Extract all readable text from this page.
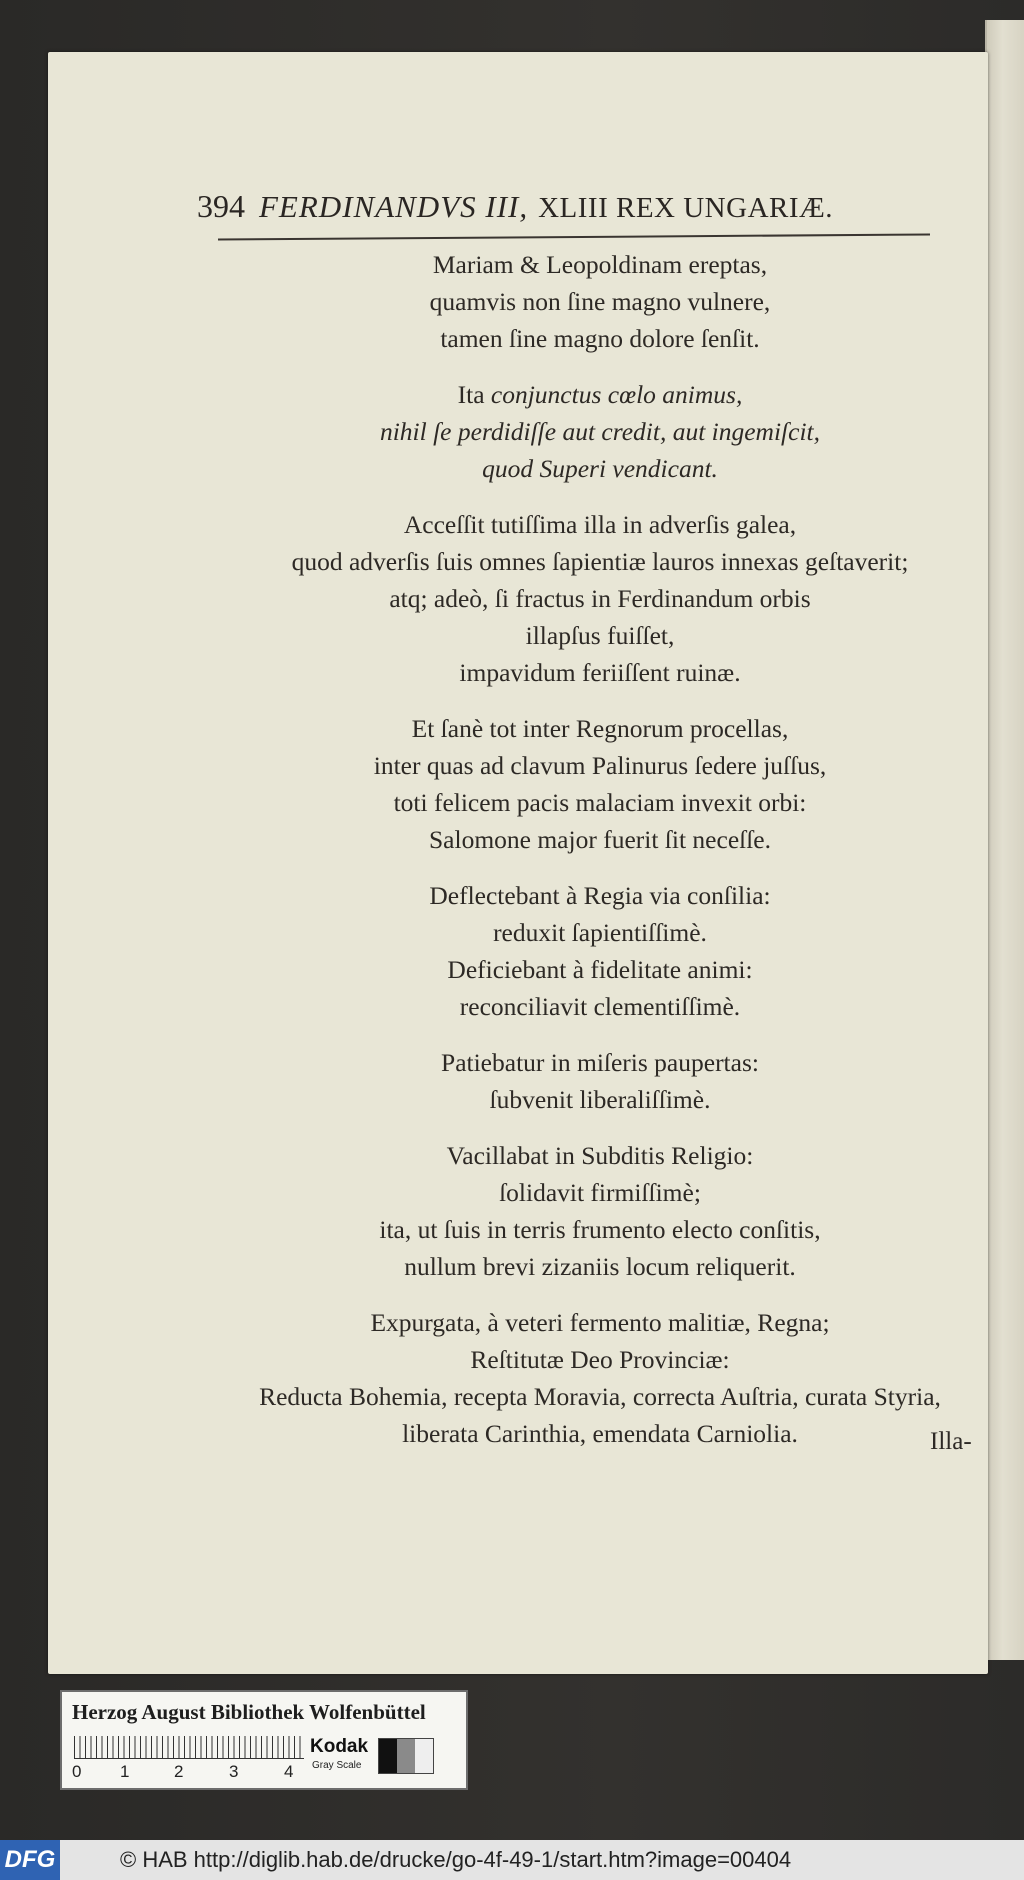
394 FERDINANDVS III, XLIII REX UNGARIÆ.
Mariam & Leopoldinam ereptas,
quamvis non ſine magno vulnere,
tamen ſine magno dolore ſenſit.
Ita conjunctus cœlo animus,
nihil ſe perdidiſſe aut credit, aut ingemiſcit,
quod Superi vendicant.
Acceſſit tutiſſima illa in adverſis galea,
quod adverſis ſuis omnes ſapientiæ lauros innexas geſtaverit;
atq; adeò, ſi fractus in Ferdinandum orbis
illapſus fuiſſet,
impavidum feriiſſent ruinæ.
Et ſanè tot inter Regnorum procellas,
inter quas ad clavum Palinurus ſedere juſſus,
toti felicem pacis malaciam invexit orbi:
Salomone major fuerit ſit neceſſe.
Deflectebant à Regia via conſilia:
reduxit ſapientiſſimè.
Deficiebant à fidelitate animi:
reconciliavit clementiſſimè.
Patiebatur in miſeris paupertas:
ſubvenit liberaliſſimè.
Vacillabat in Subditis Religio:
ſolidavit firmiſſimè;
ita, ut ſuis in terris frumento electo conſitis,
nullum brevi zizaniis locum reliquerit.
Expurgata, à veteri fermento malitiæ, Regna;
Reſtitutæ Deo Provinciæ:
Reducta Bohemia, recepta Moravia, correcta Auſtria, curata Styria,
liberata Carinthia, emendata Carniolia.	Illa-
Herzog August Bibliothek Wolfenbüttel
0 1	2	3	4
Kodak
Gray Scale
DFG	© HAB http://diglib.hab.de/drucke/go-4f-49-1/start.htm?image=00404
